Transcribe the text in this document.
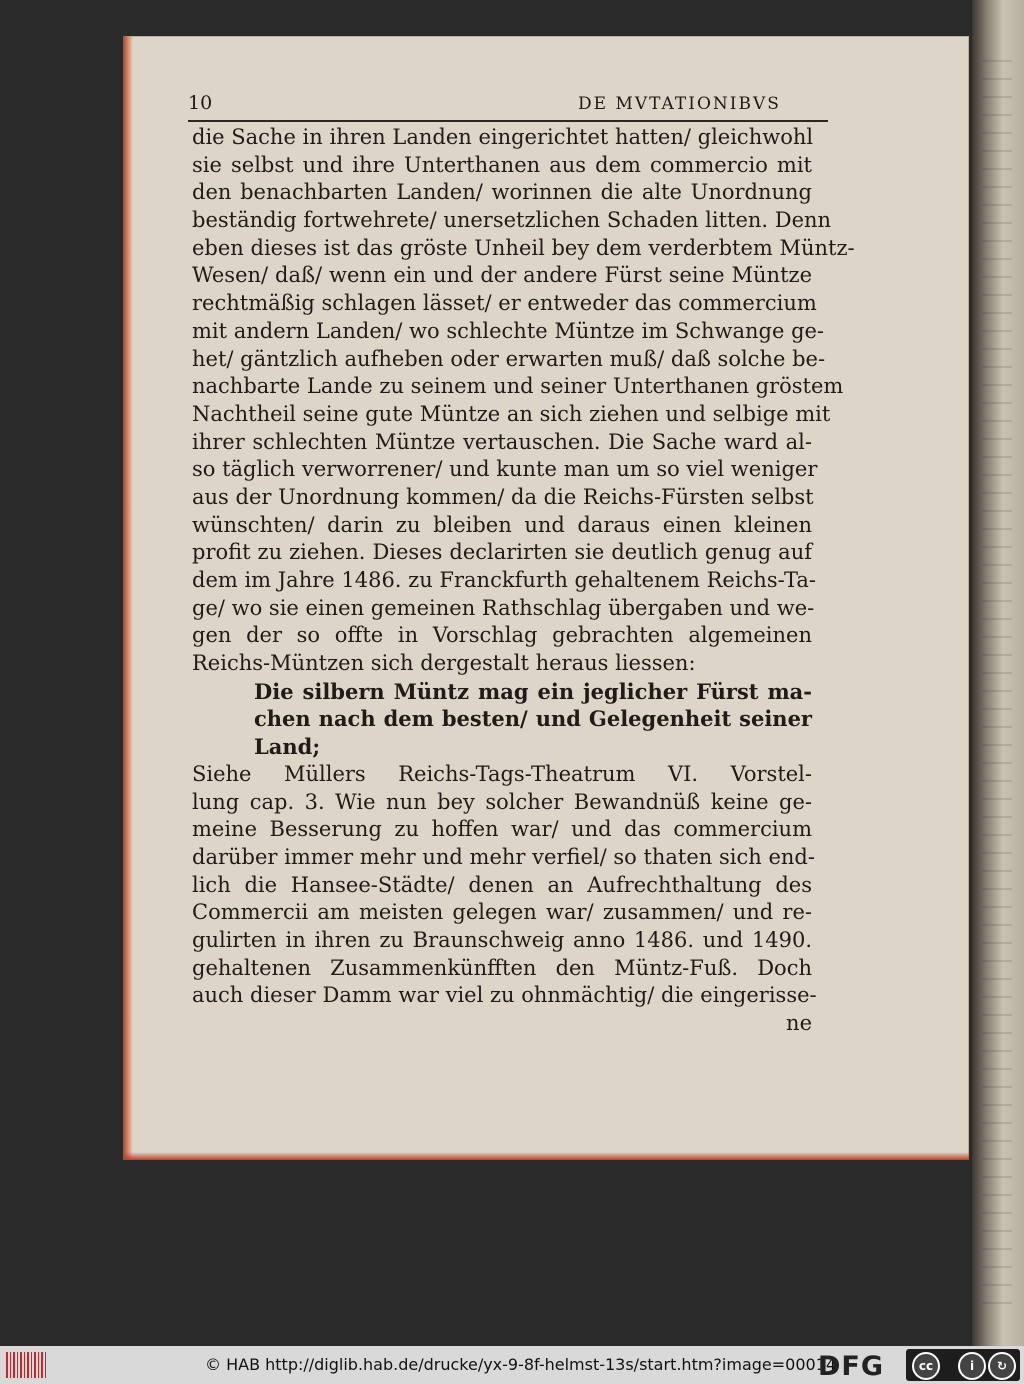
10	DE MVTATIONIBVS
die Sache in ihren Landen eingerichtet hatten/ gleichwohl
sie selbst und ihre Unterthanen aus dem commercio mit
den benachbarten Landen/ worinnen die alte Unordnung
beständig fortwehrete/ unersetzlichen Schaden litten. Denn
eben dieses ist das gröste Unheil bey dem verderbtem Müntz-
Wesen/ daß/ wenn ein und der andere Fürst seine Müntze
rechtmäßig schlagen lässet/ er entweder das commercium
mit andern Landen/ wo schlechte Müntze im Schwange ge-
het/ gäntzlich aufheben oder erwarten muß/ daß solche be-
nachbarte Lande zu seinem und seiner Unterthanen gröstem
Nachtheil seine gute Müntze an sich ziehen und selbige mit
ihrer schlechten Müntze vertauschen. Die Sache ward al-
so täglich verworrener/ und kunte man um so viel weniger
aus der Unordnung kommen/ da die Reichs-Fürsten selbst
wünschten/ darin zu bleiben und daraus einen kleinen
profit zu ziehen. Dieses declarirten sie deutlich genug auf
dem im Jahre 1486. zu Franckfurth gehaltenem Reichs-Ta-
ge/ wo sie einen gemeinen Rathschlag übergaben und we-
gen der so offte in Vorschlag gebrachten algemeinen
Reichs-Müntzen sich dergestalt heraus liessen:
Die silbern Müntz mag ein jeglicher Fürst ma-
chen nach dem besten/ und Gelegenheit seiner
Land;
Siehe Müllers Reichs-Tags-Theatrum VI. Vorstel-
lung cap. 3. Wie nun bey solcher Bewandnüß keine ge-
meine Besserung zu hoffen war/ und das commercium
darüber immer mehr und mehr verfiel/ so thaten sich end-
lich die Hansee-Städte/ denen an Aufrechthaltung des
Commercii am meisten gelegen war/ zusammen/ und re-
gulirten in ihren zu Braunschweig anno 1486. und 1490.
gehaltenen Zusammenkünfften den Müntz-Fuß. Doch
auch dieser Damm war viel zu ohnmächtig/ die eingerisse-
ne
© HAB http://diglib.hab.de/drucke/yx-9-8f-helmst-13s/start.htm?image=00014
DFG	cc	i	↻
